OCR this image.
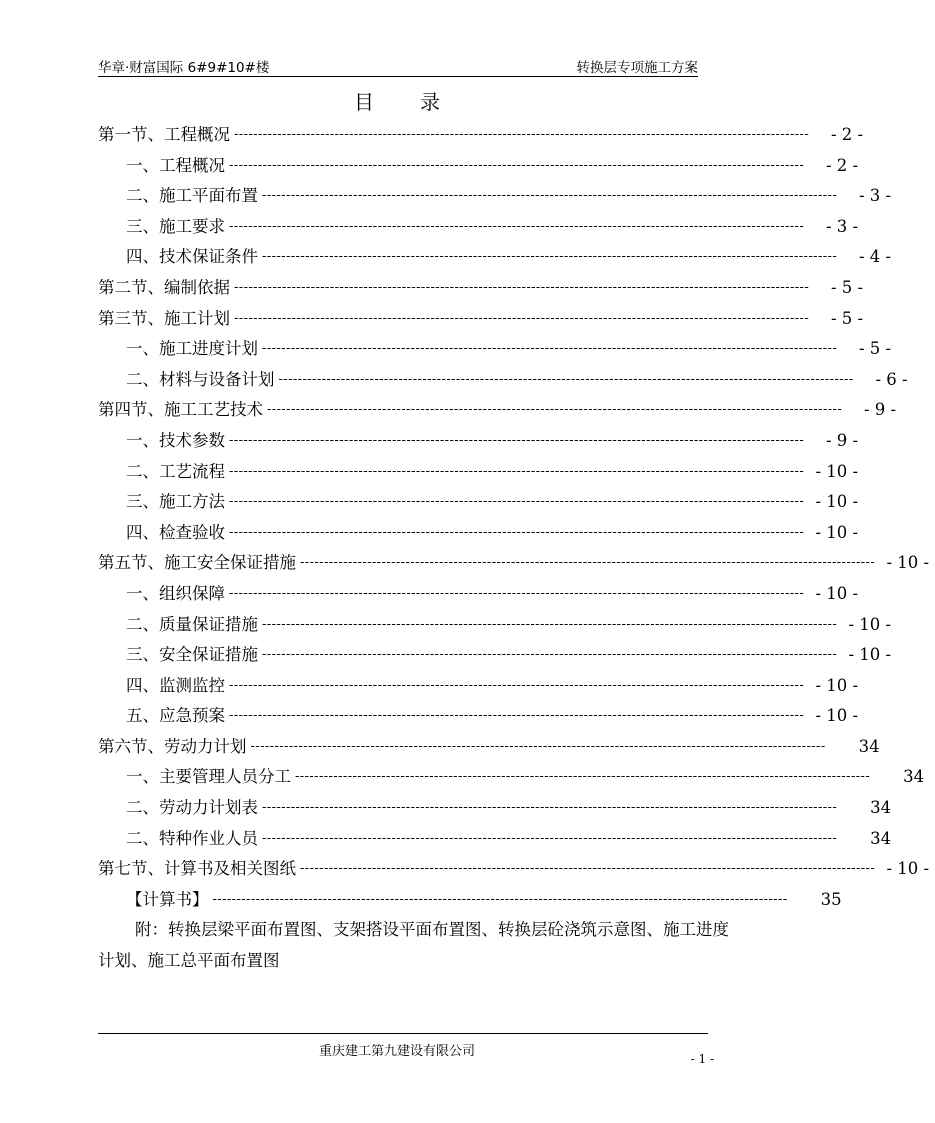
华章·财富国际 6#9#10#楼	转换层专项施工方案
目录
第一节、工程概况 ------------------------------------------------------------------------------------------------------------------------	- 2 -
一、工程概况 ------------------------------------------------------------------------------------------------------------------------	- 2 -
二、施工平面布置 ------------------------------------------------------------------------------------------------------------------------	- 3 -
三、施工要求 ------------------------------------------------------------------------------------------------------------------------	- 3 -
四、技术保证条件 ------------------------------------------------------------------------------------------------------------------------	- 4 -
第二节、编制依据 ------------------------------------------------------------------------------------------------------------------------	- 5 -
第三节、施工计划 ------------------------------------------------------------------------------------------------------------------------	- 5 -
一、施工进度计划 ------------------------------------------------------------------------------------------------------------------------	- 5 -
二、材料与设备计划 ------------------------------------------------------------------------------------------------------------------------	- 6 -
第四节、施工工艺技术 ------------------------------------------------------------------------------------------------------------------------	- 9 -
一、技术参数 ------------------------------------------------------------------------------------------------------------------------	- 9 -
二、工艺流程 ------------------------------------------------------------------------------------------------------------------------ - 10 -
三、施工方法 ------------------------------------------------------------------------------------------------------------------------ - 10 -
四、检查验收 ------------------------------------------------------------------------------------------------------------------------ - 10 -
第五节、施工安全保证措施 ------------------------------------------------------------------------------------------------------------------------ - 10 -
一、组织保障 ------------------------------------------------------------------------------------------------------------------------ - 10 -
二、质量保证措施 ------------------------------------------------------------------------------------------------------------------------ - 10 -
三、安全保证措施 ------------------------------------------------------------------------------------------------------------------------ - 10 -
四、监测监控 ------------------------------------------------------------------------------------------------------------------------ - 10 -
五、应急预案 ------------------------------------------------------------------------------------------------------------------------ - 10 -
第六节、劳动力计划 ------------------------------------------------------------------------------------------------------------------------	34
一、主要管理人员分工 ------------------------------------------------------------------------------------------------------------------------	34
二、劳动力计划表 ------------------------------------------------------------------------------------------------------------------------	34
二、特种作业人员 ------------------------------------------------------------------------------------------------------------------------	34
第七节、计算书及相关图纸 ------------------------------------------------------------------------------------------------------------------------ - 10 -
【计算书】 ------------------------------------------------------------------------------------------------------------------------	35
附：转换层梁平面布置图、支架搭设平面布置图、转换层砼浇筑示意图、施工进度计划、施工总平面布置图
重庆建工第九建设有限公司	- 1 -
